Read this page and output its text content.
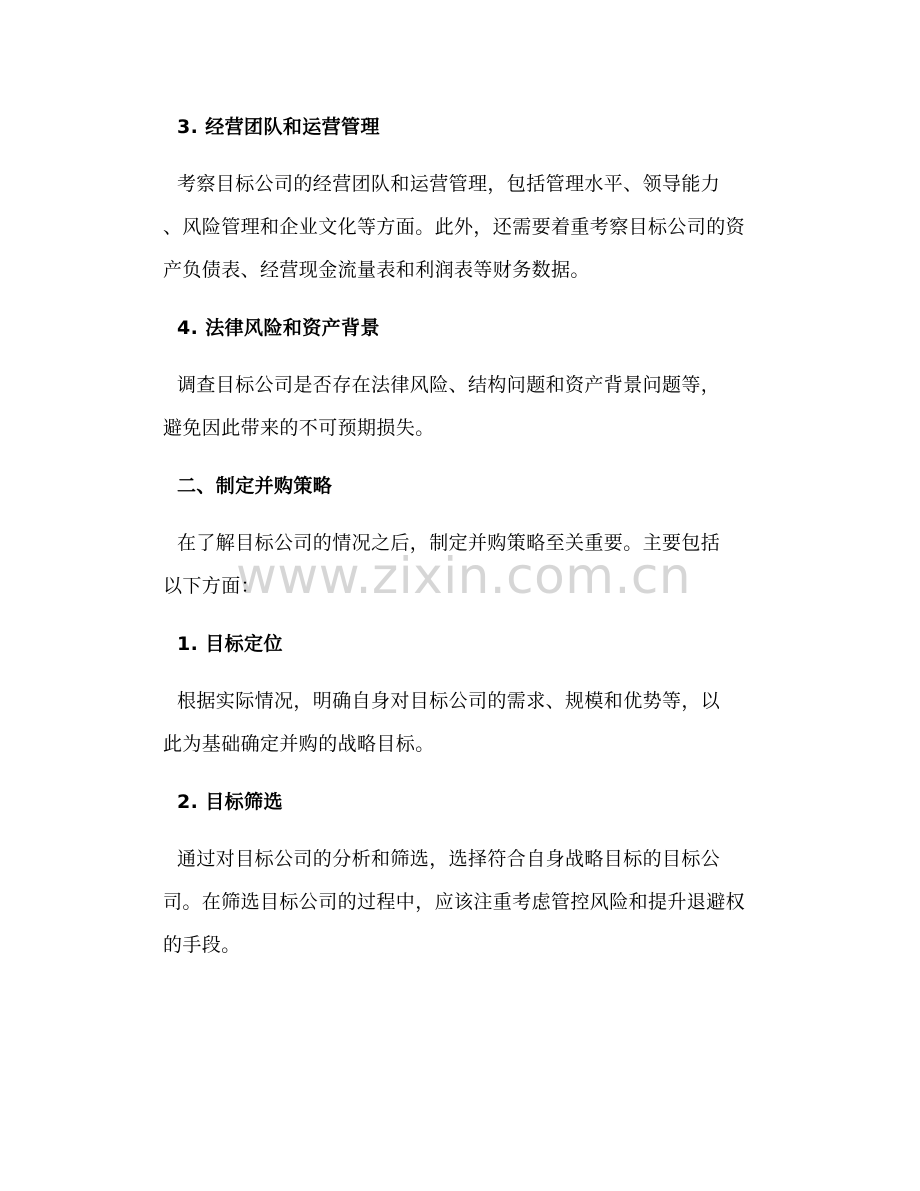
www.zixin.com.cn
3. 经营团队和运营管理
考察目标公司的经营团队和运营管理，包括管理水平、领导能力
、风险管理和企业文化等方面。此外，还需要着重考察目标公司的资
产负债表、经营现金流量表和利润表等财务数据。
4. 法律风险和资产背景
调查目标公司是否存在法律风险、结构问题和资产背景问题等，
避免因此带来的不可预期损失。
二、制定并购策略
在了解目标公司的情况之后，制定并购策略至关重要。主要包括
以下方面：
1. 目标定位
根据实际情况，明确自身对目标公司的需求、规模和优势等，以
此为基础确定并购的战略目标。
2. 目标筛选
通过对目标公司的分析和筛选，选择符合自身战略目标的目标公
司。在筛选目标公司的过程中，应该注重考虑管控风险和提升退避权
的手段。
